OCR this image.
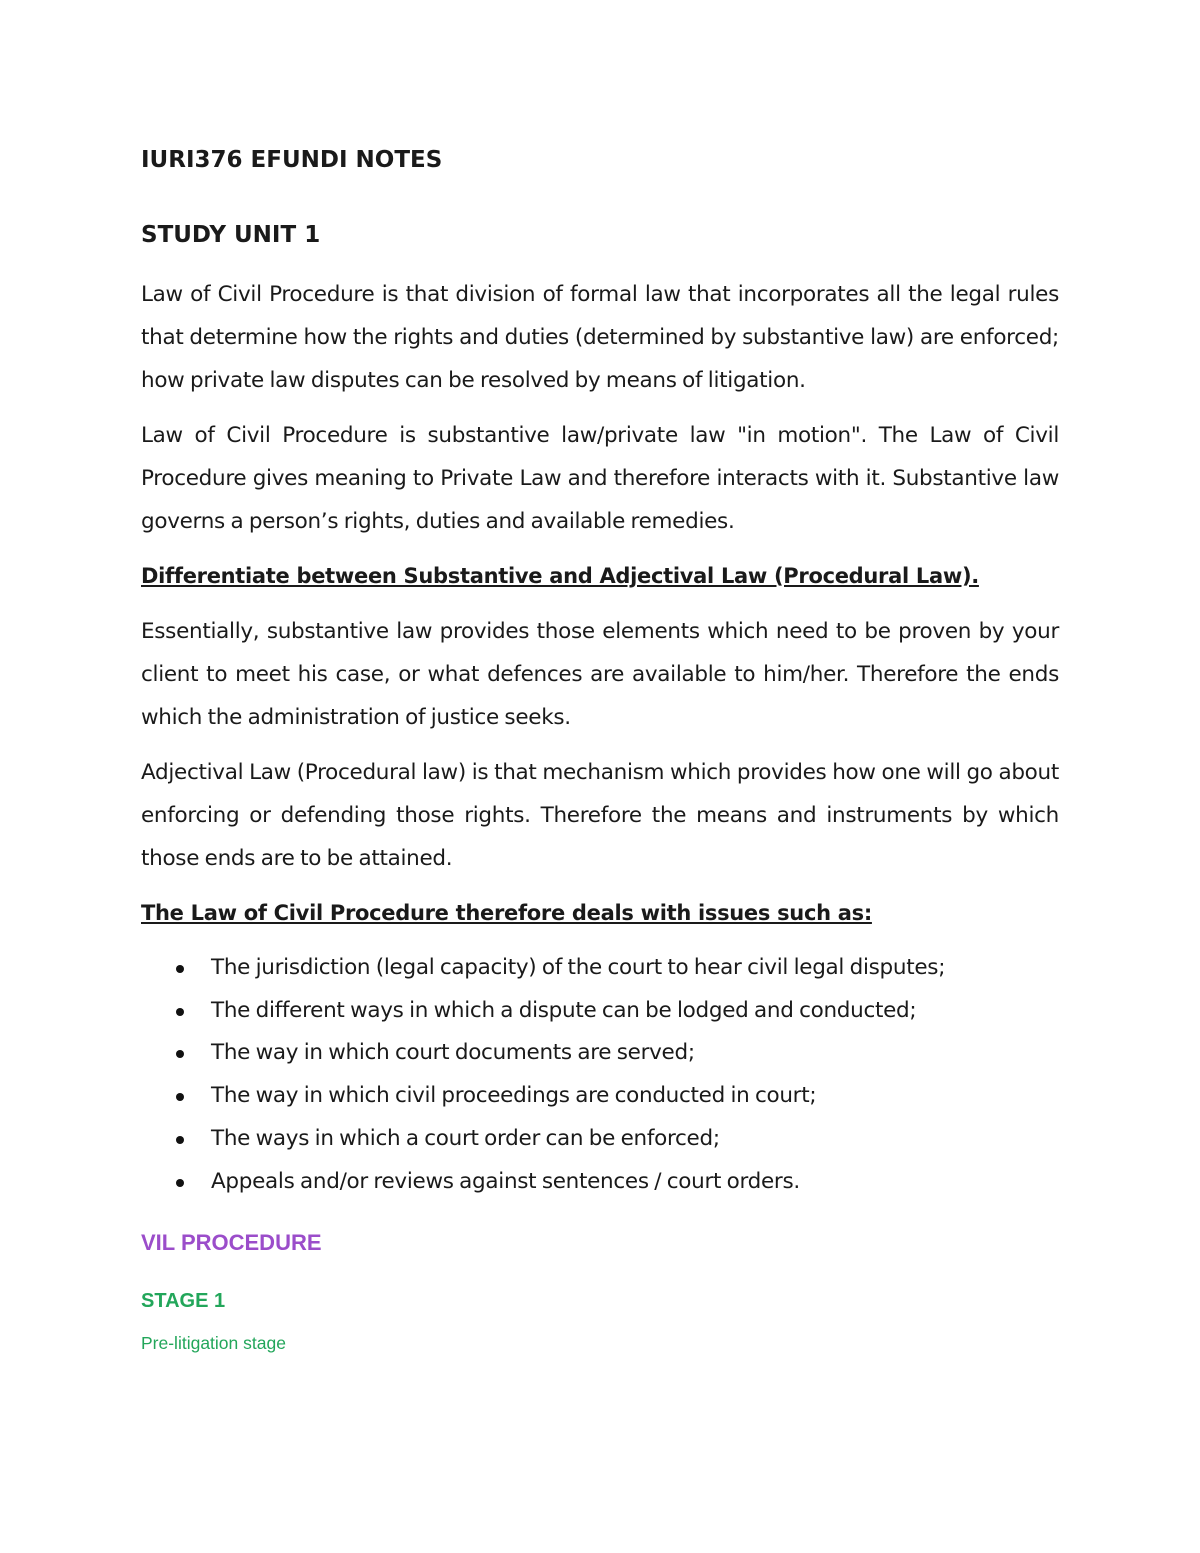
IURI376 EFUNDI NOTES
STUDY UNIT 1

Law of Civil Procedure is that division of formal law that incorporates all the legal rules that determine how the rights and duties (determined by substantive law) are enforced; how private law disputes can be resolved by means of litigation.

Law of Civil Procedure is substantive law/private law "in motion". The Law of Civil Procedure gives meaning to Private Law and therefore interacts with it. Substantive law governs a person’s rights, duties and available remedies.

Differentiate between Substantive and Adjectival Law (Procedural Law).

Essentially, substantive law provides those elements which need to be proven by your client to meet his case, or what defences are available to him/her. Therefore the ends which the administration of justice seeks.

Adjectival Law (Procedural law) is that mechanism which provides how one will go about enforcing or defending those rights. Therefore the means and instruments by which those ends are to be attained.

The Law of Civil Procedure therefore deals with issues such as:
The jurisdiction (legal capacity) of the court to hear civil legal disputes;
The different ways in which a dispute can be lodged and conducted;
The way in which court documents are served;
The way in which civil proceedings are conducted in court;
The ways in which a court order can be enforced;
Appeals and/or reviews against sentences / court orders.
VIL PROCEDURE
STAGE 1
Pre-litigation stage
